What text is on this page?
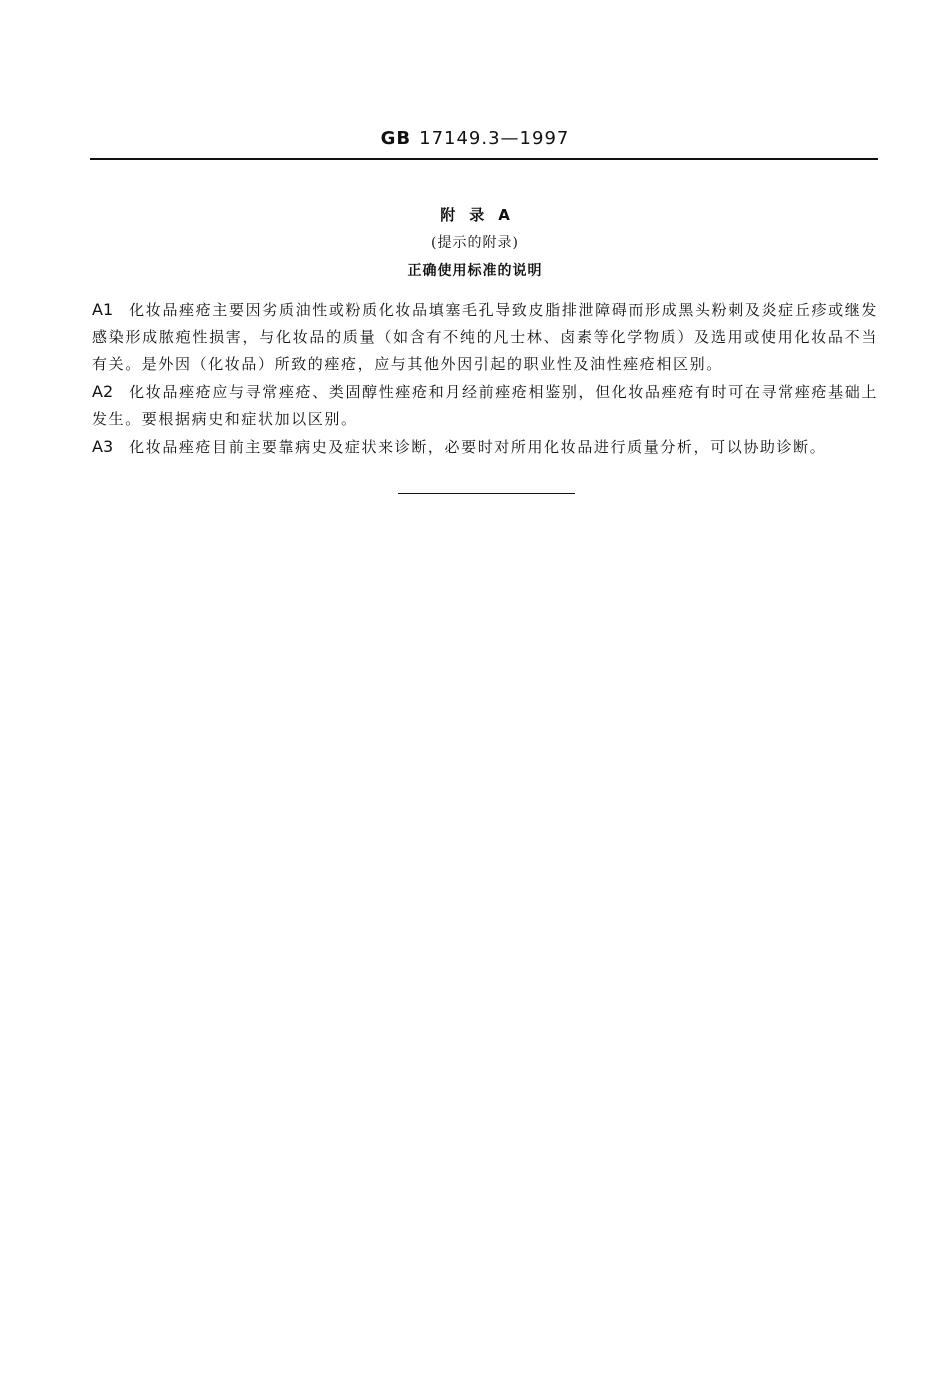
GB 17149.3—1997
附录A
(提示的附录)
正确使用标准的说明

A1 化妆品痤疮主要因劣质油性或粉质化妆品填塞毛孔导致皮脂排泄障碍而形成黑头粉刺及炎症丘疹或继发感染形成脓疱性损害，与化妆品的质量（如含有不纯的凡士林、卤素等化学物质）及选用或使用化妆品不当有关。是外因（化妆品）所致的痤疮，应与其他外因引起的职业性及油性痤疮相区别。

A2 化妆品痤疮应与寻常痤疮、类固醇性痤疮和月经前痤疮相鉴别，但化妆品痤疮有时可在寻常痤疮基础上发生。要根据病史和症状加以区别。

A3 化妆品痤疮目前主要靠病史及症状来诊断，必要时对所用化妆品进行质量分析，可以协助诊断。
